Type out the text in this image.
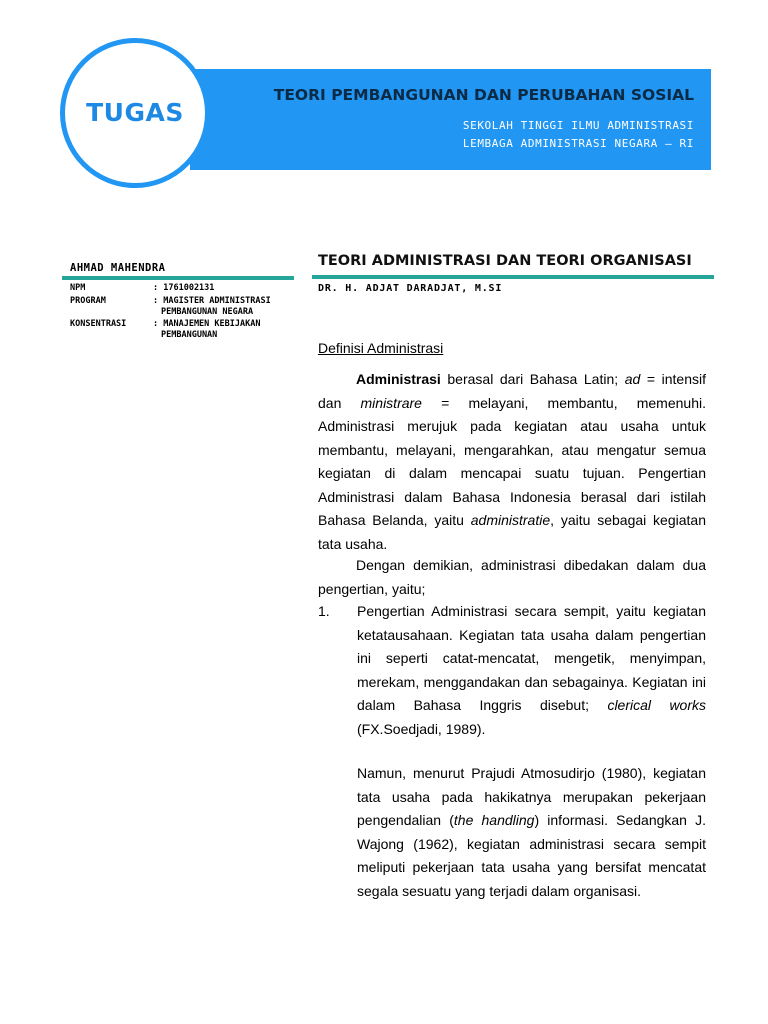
TUGAS
TEORI PEMBANGUNAN DAN PERUBAHAN SOSIAL
SEKOLAH TINGGI ILMU ADMINISTRASI
LEMBAGA ADMINISTRASI NEGARA – RI
AHMAD MAHENDRA
NPM	: 1761002131
PROGRAM	: MAGISTER ADMINISTRASI
PEMBANGUNAN NEGARA
KONSENTRASI	: MANAJEMEN KEBIJAKAN
PEMBANGUNAN
TEORI ADMINISTRASI DAN TEORI ORGANISASI
DR. H. ADJAT DARADJAT, M.SI
Definisi Administrasi
Administrasi berasal dari Bahasa Latin; ad = intensif dan ministrare = melayani, membantu, memenuhi. Administrasi merujuk pada kegiatan atau usaha untuk membantu, melayani, mengarahkan, atau mengatur semua kegiatan di dalam mencapai suatu tujuan. Pengertian Administrasi dalam Bahasa Indonesia berasal dari istilah Bahasa Belanda, yaitu administratie, yaitu sebagai kegiatan tata usaha.
Dengan demikian, administrasi dibedakan dalam dua pengertian, yaitu;
1. Pengertian Administrasi secara sempit, yaitu kegiatan ketatausahaan. Kegiatan tata usaha dalam pengertian ini seperti catat-mencatat, mengetik, menyimpan, merekam, menggandakan dan sebagainya. Kegiatan ini dalam Bahasa Inggris disebut; clerical works (FX.Soedjadi, 1989).
Namun, menurut Prajudi Atmosudirjo (1980), kegiatan tata usaha pada hakikatnya merupakan pekerjaan pengendalian (the handling) informasi. Sedangkan J. Wajong (1962), kegiatan administrasi secara sempit meliputi pekerjaan tata usaha yang bersifat mencatat segala sesuatu yang terjadi dalam organisasi.
